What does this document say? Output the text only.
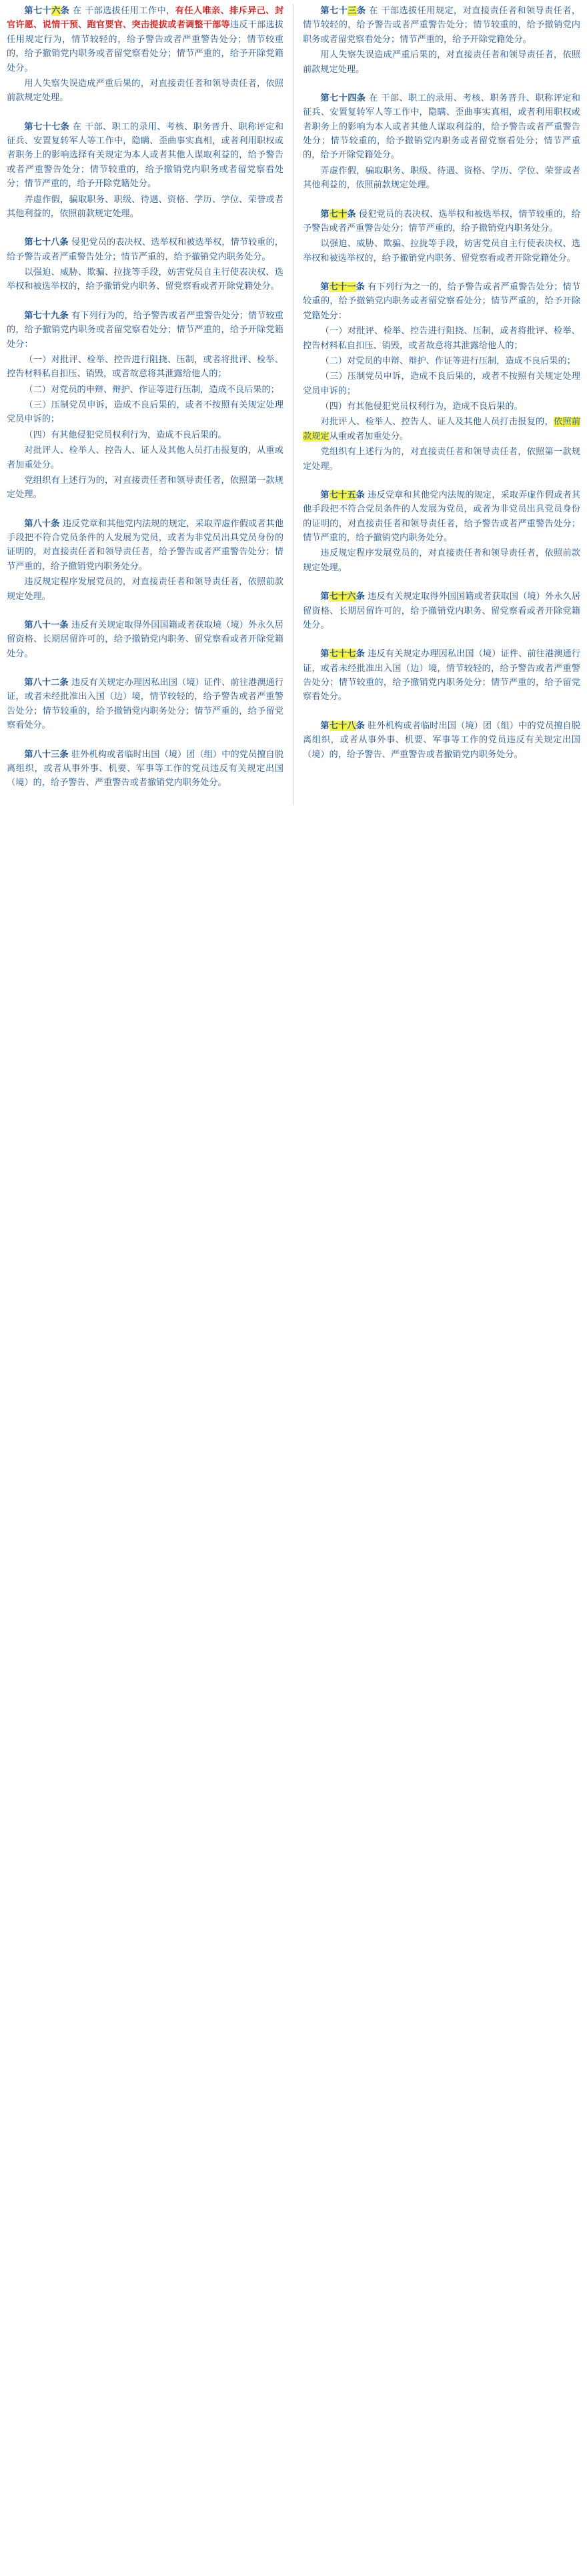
第七十六条 在 干部选拔任用工作中，有任人唯亲、排斥异己、封官许愿、说情干预、跑官要官、突击提拔或者调整干部等违反干部选拔任用规定行为，情节较轻的，给予警告或者严重警告处分；情节较重的，给予撤销党内职务或者留党察看处分；情节严重的，给予开除党籍处分。

用人失察失误造成严重后果的，对直接责任者和领导责任者，依照前款规定处理。

第七十七条 在 干部、职工的录用、考核、职务晋升、职称评定和征兵、安置复转军人等工作中，隐瞒、歪曲事实真相，或者利用职权或者职务上的影响选择有关规定为本人或者其他人谋取利益的，给予警告或者严重警告处分；情节较重的，给予撤销党内职务或者留党察看处分；情节严重的，给予开除党籍处分。

弄虚作假，骗取职务、职级、待遇、资格、学历、学位、荣誉或者其他利益的，依照前款规定处理。

第七十八条 侵犯党员的表决权、选举权和被选举权，情节较重的，给予警告或者严重警告处分；情节严重的，给予撤销党内职务处分。

以强迫、威胁、欺骗、拉拢等手段，妨害党员自主行使表决权、选举权和被选举权的，给予撤销党内职务、留党察看或者开除党籍处分。

第七十九条 有下列行为的，给予警告或者严重警告处分；情节较重的，给予撤销党内职务或者留党察看处分；情节严重的，给予开除党籍处分：

（一）对批评、检举、控告进行阻挠、压制，或者将批评、检举、控告材料私自扣压、销毁，或者故意将其泄露给他人的；

（二）对党员的申辩、辩护、作证等进行压制，造成不良后果的；

（三）压制党员申诉，造成不良后果的，或者不按照有关规定处理党员申诉的；

（四）有其他侵犯党员权利行为，造成不良后果的。

对批评人、检举人、控告人、证人及其他人员打击报复的，从重或者加重处分。

党组织有上述行为的，对直接责任者和领导责任者，依照第一款规定处理。

第八十条 违反党章和其他党内法规的规定，采取弄虚作假或者其他手段把不符合党员条件的人发展为党员，或者为非党员出具党员身份的证明的，对直接责任者和领导责任者，给予警告或者严重警告处分；情节严重的，给予撤销党内职务处分。

违反规定程序发展党员的，对直接责任者和领导责任者，依照前款规定处理。

第八十一条 违反有关规定取得外国国籍或者获取境（境）外永久居留资格、长期居留许可的，给予撤销党内职务、留党察看或者开除党籍处分。

第八十二条 违反有关规定办理因私出国（境）证件、前往港澳通行证，或者未经批准出入国（边）境，情节较轻的，给予警告或者严重警告处分；情节较重的，给予撤销党内职务处分；情节严重的，给予留党察看处分。

第八十三条 驻外机构或者临时出国（境）团（组）中的党员擅自脱离组织，或者从事外事、机要、军事等工作的党员违反有关规定出国（境）的，给予警告、严重警告或者撤销党内职务处分。

第七十三条 在 干部选拔任用规定，对直接责任者和领导责任者，情节较轻的，给予警告或者严重警告处分；情节较重的，给予撤销党内职务或者留党察看处分；情节严重的，给予开除党籍处分。

用人失察失误造成严重后果的，对直接责任者和领导责任者，依照前款规定处理。

第七十四条 在 干部、职工的录用、考核、职务晋升、职称评定和征兵、安置复转军人等工作中，隐瞒、歪曲事实真相，或者利用职权或者职务上的影响为本人或者其他人谋取利益的，给予警告或者严重警告处分；情节较重的，给予撤销党内职务或者留党察看处分；情节严重的，给予开除党籍处分。

弄虚作假，骗取职务、职级、待遇、资格、学历、学位、荣誉或者其他利益的，依照前款规定处理。

第七十条 侵犯党员的表决权、选举权和被选举权，情节较重的，给予警告或者严重警告处分；情节严重的，给予撤销党内职务处分。

以强迫、威胁、欺骗、拉拢等手段，妨害党员自主行使表决权、选举权和被选举权的，给予撤销党内职务、留党察看或者开除党籍处分。

第七十一条 有下列行为之一的，给予警告或者严重警告处分；情节较重的，给予撤销党内职务或者留党察看处分；情节严重的，给予开除党籍处分：

（一）对批评、检举、控告进行阻挠、压制，或者将批评、检举、控告材料私自扣压、销毁，或者故意将其泄露给他人的；

（二）对党员的申辩、辩护、作证等进行压制，造成不良后果的；

（三）压制党员申诉，造成不良后果的，或者不按照有关规定处理党员申诉的；

（四）有其他侵犯党员权利行为，造成不良后果的。

对批评人、检举人、控告人、证人及其他人员打击报复的，依照前款规定从重或者加重处分。

党组织有上述行为的，对直接责任者和领导责任者，依照第一款规定处理。

第七十五条 违反党章和其他党内法规的规定，采取弄虚作假或者其他手段把不符合党员条件的人发展为党员，或者为非党员出具党员身份的证明的，对直接责任者和领导责任者，给予警告或者严重警告处分；情节严重的，给予撤销党内职务处分。

违反规定程序发展党员的，对直接责任者和领导责任者，依照前款规定处理。

第七十六条 违反有关规定取得外国国籍或者获取国（境）外永久居留资格、长期居留许可的，给予撤销党内职务、留党察看或者开除党籍处分。

第七十七条 违反有关规定办理因私出国（境）证件、前往港澳通行证，或者未经批准出入国（边）境，情节较轻的，给予警告或者严重警告处分；情节较重的，给予撤销党内职务处分；情节严重的，给予留党察看处分。

第七十八条 驻外机构或者临时出国（境）团（组）中的党员擅自脱离组织，或者从事外事、机要、军事等工作的党员违反有关规定出国（境）的，给予警告、严重警告或者撤销党内职务处分。
